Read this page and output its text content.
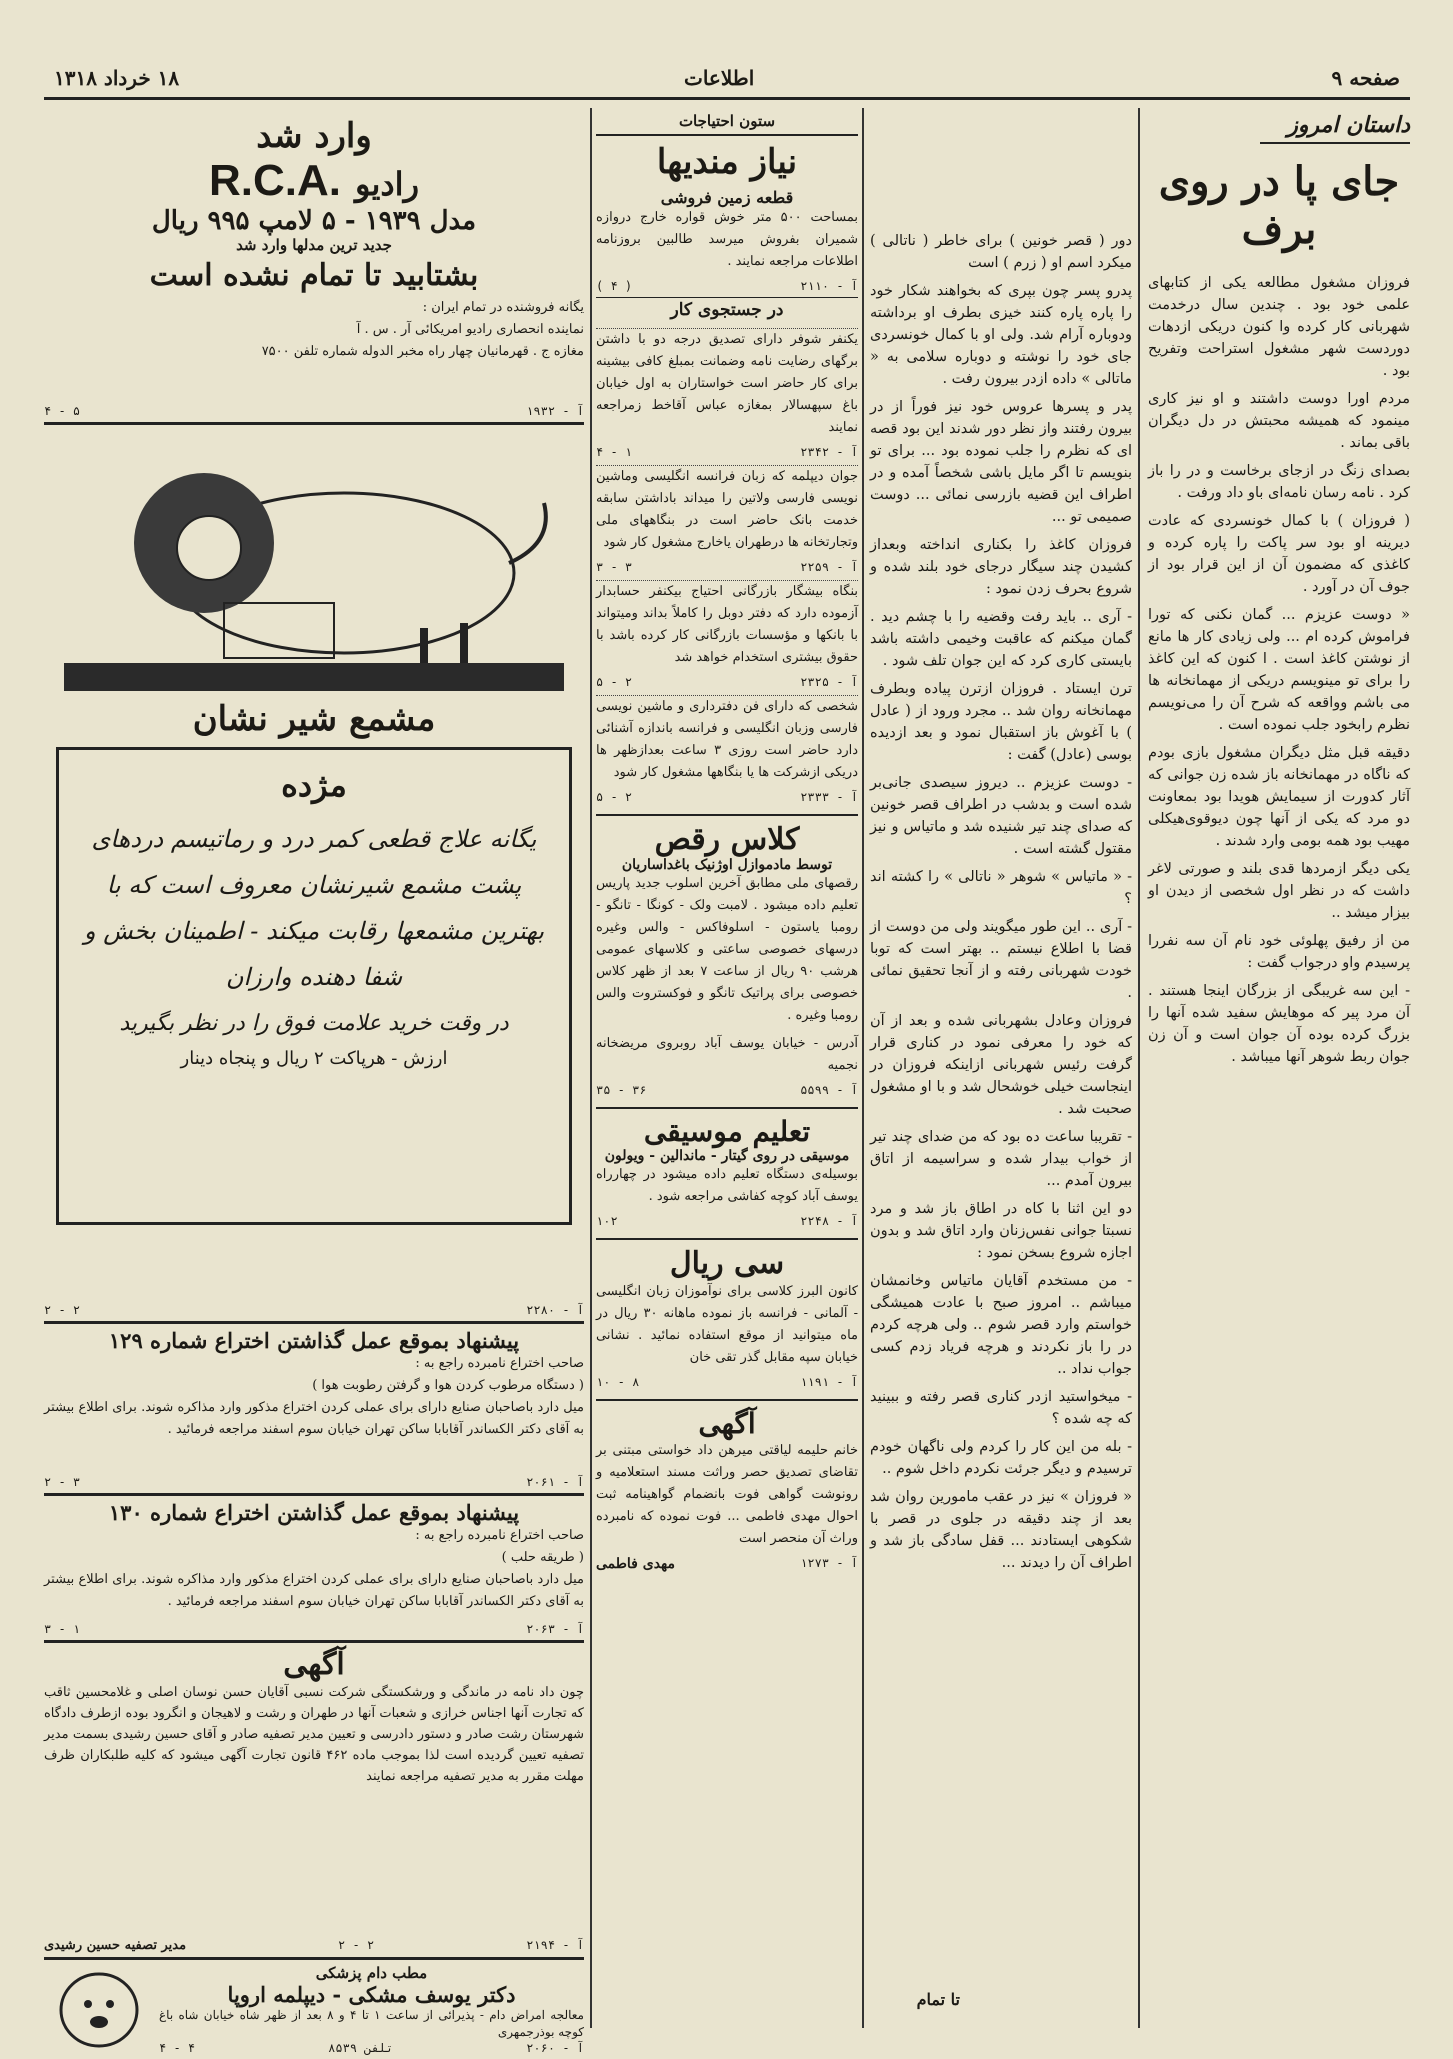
صفحه ۹
اطلاعات
۱۸ خرداد ۱۳۱۸
داستان امروز
جای پا در روی برف

فروزان مشغول مطالعه یکی از کتابهای علمی خود بود . چندین سال درخدمت شهربانی کار کرده وا کنون دریکی ازدهات دوردست شهر مشغول استراحت وتفریح بود .

مردم اورا دوست داشتند و او نیز کاری مینمود که همیشه محبتش در دل دیگران باقی بماند .

بصدای زنگ در ازجای برخاست و در را باز کرد . نامه رسان نامه‌ای باو داد ورفت .

( فروزان ) با کمال خونسردی که عادت دیرینه او بود سر پاکت را پاره کرده و کاغذی که مضمون آن از این قرار بود از جوف آن در آورد .

« دوست عزیزم ... گمان نکنی که تورا فراموش کرده ام ... ولی زیادی کار ها مانع از نوشتن کاغذ است . ا کنون که این کاغذ را برای تو مینویسم دریکی از مهمانخانه ها می باشم وواقعه که شرح آن را می‌نویسم نظرم رابخود جلب نموده است .

دقیقه قبل مثل دیگران مشغول بازی بودم که ناگاه در مهمانخانه باز شده زن جوانی که آثار کدورت از سیمایش هویدا بود بمعاونت دو مرد که یکی از آنها چون دیوقوی‌هیکلی مهیب بود همه بومی وارد شدند .

یکی دیگر ازمردها قدی بلند و صورتی لاغر داشت که در نظر اول شخصی از دیدن او بیزار میشد ..

من از رفیق پهلوئی خود نام آن سه نفررا پرسیدم واو درجواب گفت :

- این سه غریبگی از بزرگان اینجا هستند . آن مرد پیر که موهایش سفید شده آنها را بزرگ کرده بوده آن جوان است و آن زن جوان ربط شوهر آنها میباشد .

دور ( قصر خونین ) برای خاطر ( ناتالی ) میکرد اسم او ( زرم ) است

پدرو پسر چون بپری که بخواهند شکار خود را پاره پاره کنند خیزی بطرف او برداشته ودوباره آرام شد. ولی او با کمال خونسردی جای خود را نوشته و دوباره سلامی به « ماتالی » داده ازدر بیرون رفت .

پدر و پسرها عروس خود نیز فوراً از در بیرون رفتند واز نظر دور شدند این بود قصه ای که نظرم را جلب نموده بود ... برای تو بنویسم تا اگر مایل باشی شخصاً آمده و در اطراف این قضیه بازرسی نمائی ... دوست صمیمی تو ...

فروزان کاغذ را بکناری انداخته وبعداز کشیدن چند سیگار درجای خود بلند شده و شروع بحرف زدن نمود :

- آری .. باید رفت وقضیه را با چشم دید . گمان میکنم که عاقبت وخیمی داشته باشد بایستی کاری کرد که این جوان تلف شود .

ترن ایستاد . فروزان ازترن پیاده وبطرف مهمانخانه روان شد .. مجرد ورود از ( عادل ) با آغوش باز استقبال نمود و بعد ازدیده بوسی (عادل) گفت :

- دوست عزیزم .. دیروز سیصدی جانی‌بر شده است و بدشب در اطراف قصر خونین که صدای چند تیر شنیده شد و ماتیاس و نیز مقتول گشته است .

- « ماتیاس » شوهر « ناتالی » را کشته اند ؟

- آری .. این طور میگویند ولی من دوست از قضا با اطلاع نیستم .. بهتر است که توبا خودت شهربانی رفته و از آنجا تحقیق نمائی .

فروزان وعادل بشهربانی شده و بعد از آن که خود را معرفی نمود در کناری قرار گرفت رئیس شهربانی ازاینکه فروزان در اینجاست خیلی خوشحال شد و با او مشغول صحبت شد .

- تقریبا ساعت ده بود که من ضدای چند تیر از خواب بیدار شده و سراسیمه از اتاق بیرون آمدم ...

دو این اثنا با کاه در اطاق باز شد و مرد نسبتا جوانی نفس‌زنان وارد اتاق شد و بدون اجازه شروع بسخن نمود :

- من مستخدم آقایان ماتیاس وخانمشان میباشم .. امروز صبح با عادت همیشگی خواستم وارد قصر شوم .. ولی هرچه کردم در را باز نکردند و هرچه فریاد زدم کسی جواب نداد ..

- میخواستید ازدر کناری قصر رفته و ببینید که چه شده ؟

- بله من این کار را کردم ولی ناگهان خودم ترسیدم و دیگر جرئت نکردم داخل شوم ..

« فروزان » نیز در عقب مامورین روان شد بعد از چند دقیقه در جلوی در قصر با شکوهی ایستادند ... قفل سادگی باز شد و اطراف آن را دیدند ...

تا تمام
ستون احتیاجات
نیاز مندیها
قطعه زمین فروشی

بمساحت ۵۰۰ متر خوش قواره خارج دروازه شمیران بفروش میرسد طالبین بروزنامه اطلاعات مراجعه نمایند .

آ - ۲۱۱۰
( ۴ )
در جستجوی کار

یکنفر شوفر دارای تصدیق درجه دو با داشتن برگهای رضایت نامه وضمانت بمبلغ کافی بیشینه برای کار حاضر است خواستاران به اول خیابان باغ سپهسالار بمغازه عباس آقاخط زمراجعه نمایند

آ - ۲۳۴۲
۱ - ۴

جوان دیپلمه که زبان فرانسه انگلیسی وماشین نویسی فارسی ولاتین را میداند باداشتن سابقه خدمت بانک حاضر است در بنگاههای ملی وتجارتخانه ها درطهران یاخارج مشغول کار شود

آ - ۲۲۵۹
۳ - ۳

بنگاه بیشگار بازرگانی احتیاج بیکنفر حسابدار آزموده دارد که دفتر دوبل را کاملاً بداند ومیتواند با بانکها و مؤسسات بازرگانی کار کرده باشد با حقوق بیشتری استخدام خواهد شد

آ - ۲۳۲۵
۲ - ۵

شخصی که دارای فن دفترداری و ماشین نویسی فارسی وزبان انگلیسی و فرانسه باندازه آشنائی دارد حاضر است روزی ۳ ساعت بعدازظهر ها دریکی ازشرکت ها یا بنگاهها مشغول کار شود

آ - ۲۳۳۳
۲ - ۵
کلاس رقص
توسط مادموازل اوژنیک باغداساریان

رقصهای ملی مطابق آخرین اسلوب جدید پاریس تعلیم داده میشود . لامبت ولک - کونگا - تانگو - رومبا یاستون - اسلوفاکس - والس وغیره درسهای خصوصی ساعتی و کلاسهای عمومی هرشب ۹۰ ریال از ساعت ۷ بعد از ظهر کلاس خصوصی برای پراتیک تانگو و فوکستروت والس رومبا وغیره .

آدرس - خیابان یوسف آباد روبروی مریضخانه نجمیه

آ - ۵۵۹۹
۳۶ - ۳۵
تعلیم موسیقی
موسیقی در روی گیتار - ماندالین - ویولون

بوسیله‌ی دستگاه تعلیم داده میشود در چهارراه یوسف آباد کوچه کفاشی مراجعه شود .

آ - ۲۲۴۸
۱۰۲
سی ریال

کانون البرز کلاسی برای نوآموزان زبان انگلیسی - آلمانی - فرانسه باز نموده ماهانه ۳۰ ریال در ماه میتوانید از موقع استفاده نمائید . نشانی خیابان سپه مقابل گذر تقی خان

آ - ۱۱۹۱
۸ - ۱۰
آگهی

خانم حلیمه لیاقتی میرهن داد خواستی مبتنی بر تقاضای تصدیق حصر وراثت مسند استعلامیه و رونوشت گواهی فوت بانضمام گواهینامه ثبت احوال مهدی فاطمی ... فوت نموده که نامبرده وراث آن منحصر است

آ - ۱۲۷۳
مهدی فاطمی
وارد شد
رادیو
R.C.A.
مدل ۱۹۳۹ - ۵ لامپ ۹۹۵ ریال
جدید ترین مدلها وارد شد
بشتابید تا تمام نشده است

یگانه فروشنده در تمام ایران :

نماینده انحصاری رادیو امریکائی آر . س . آ

مغازه ج . قهرمانیان چهار راه مخبر الدوله شماره تلفن ۷۵۰۰

آ - ۱۹۳۲
۵ - ۴
مشمع شیر نشان
مژده

یگانه علاج قطعی کمر درد و رماتیسم دردهای پشت مشمع شیرنشان معروف است که با بهترین مشمعها رقابت میکند - اطمینان بخش و شفا دهنده وارزان

در وقت خرید علامت فوق را در نظر بگیرید

ارزش - هرپاکت ۲ ریال و پنجاه دینار

آ - ۲۲۸۰
۲ - ۲
پیشنهاد بموقع عمل گذاشتن اختراع شماره ۱۲۹

صاحب اختراع نامبرده راجع به :

( دستگاه مرطوب کردن هوا و گرفتن رطوبت هوا )

میل دارد باصاحبان صنایع دارای برای عملی کردن اختراع مذکور وارد مذاکره شوند. برای اطلاع بیشتر به آقای دکتر الکساندر آقابابا ساکن تهران خیابان سوم اسفند مراجعه فرمائید .

آ - ۲۰۶۱
۳ - ۲
پیشنهاد بموقع عمل گذاشتن اختراع شماره ۱۳۰

صاحب اختراع نامبرده راجع به :

( طریقه حلب )

میل دارد باصاحبان صنایع دارای برای عملی کردن اختراع مذکور وارد مذاکره شوند. برای اطلاع بیشتر به آقای دکتر الکساندر آقابابا ساکن تهران خیابان سوم اسفند مراجعه فرمائید .

آ - ۲۰۶۳
۱ - ۳
آگهی

چون داد نامه در ماندگی و ورشکستگی شرکت نسبی آقایان حسن نوسان اصلی و غلامحسین ثاقب که تجارت آنها اجناس خرازی و شعبات آنها در طهران و رشت و لاهیجان و انگرود بوده ازطرف دادگاه شهرستان رشت صادر و دستور دادرسی و تعیین مدیر تصفیه صادر و آقای حسین رشیدی بسمت مدیر تصفیه تعیین گردیده است لذا بموجب ماده ۴۶۲ قانون تجارت آگهی میشود که کلیه طلبکاران ظرف مهلت مقرر به مدیر تصفیه مراجعه نمایند

آ - ۲۱۹۴
۲ - ۲
مدیر تصفیه حسین رشیدی
مطب دام پزشکی
دکتر یوسف مشکی - دیپلمه اروپا

معالجه امراض دام - پذیرائی از ساعت ۱ تا ۴ و ۸ بعد از ظهر شاه خیابان شاه باغ کوچه بوذرجمهری

آ - ۲۰۶۰
تلفن ۸۵۳۹
۴ - ۴
